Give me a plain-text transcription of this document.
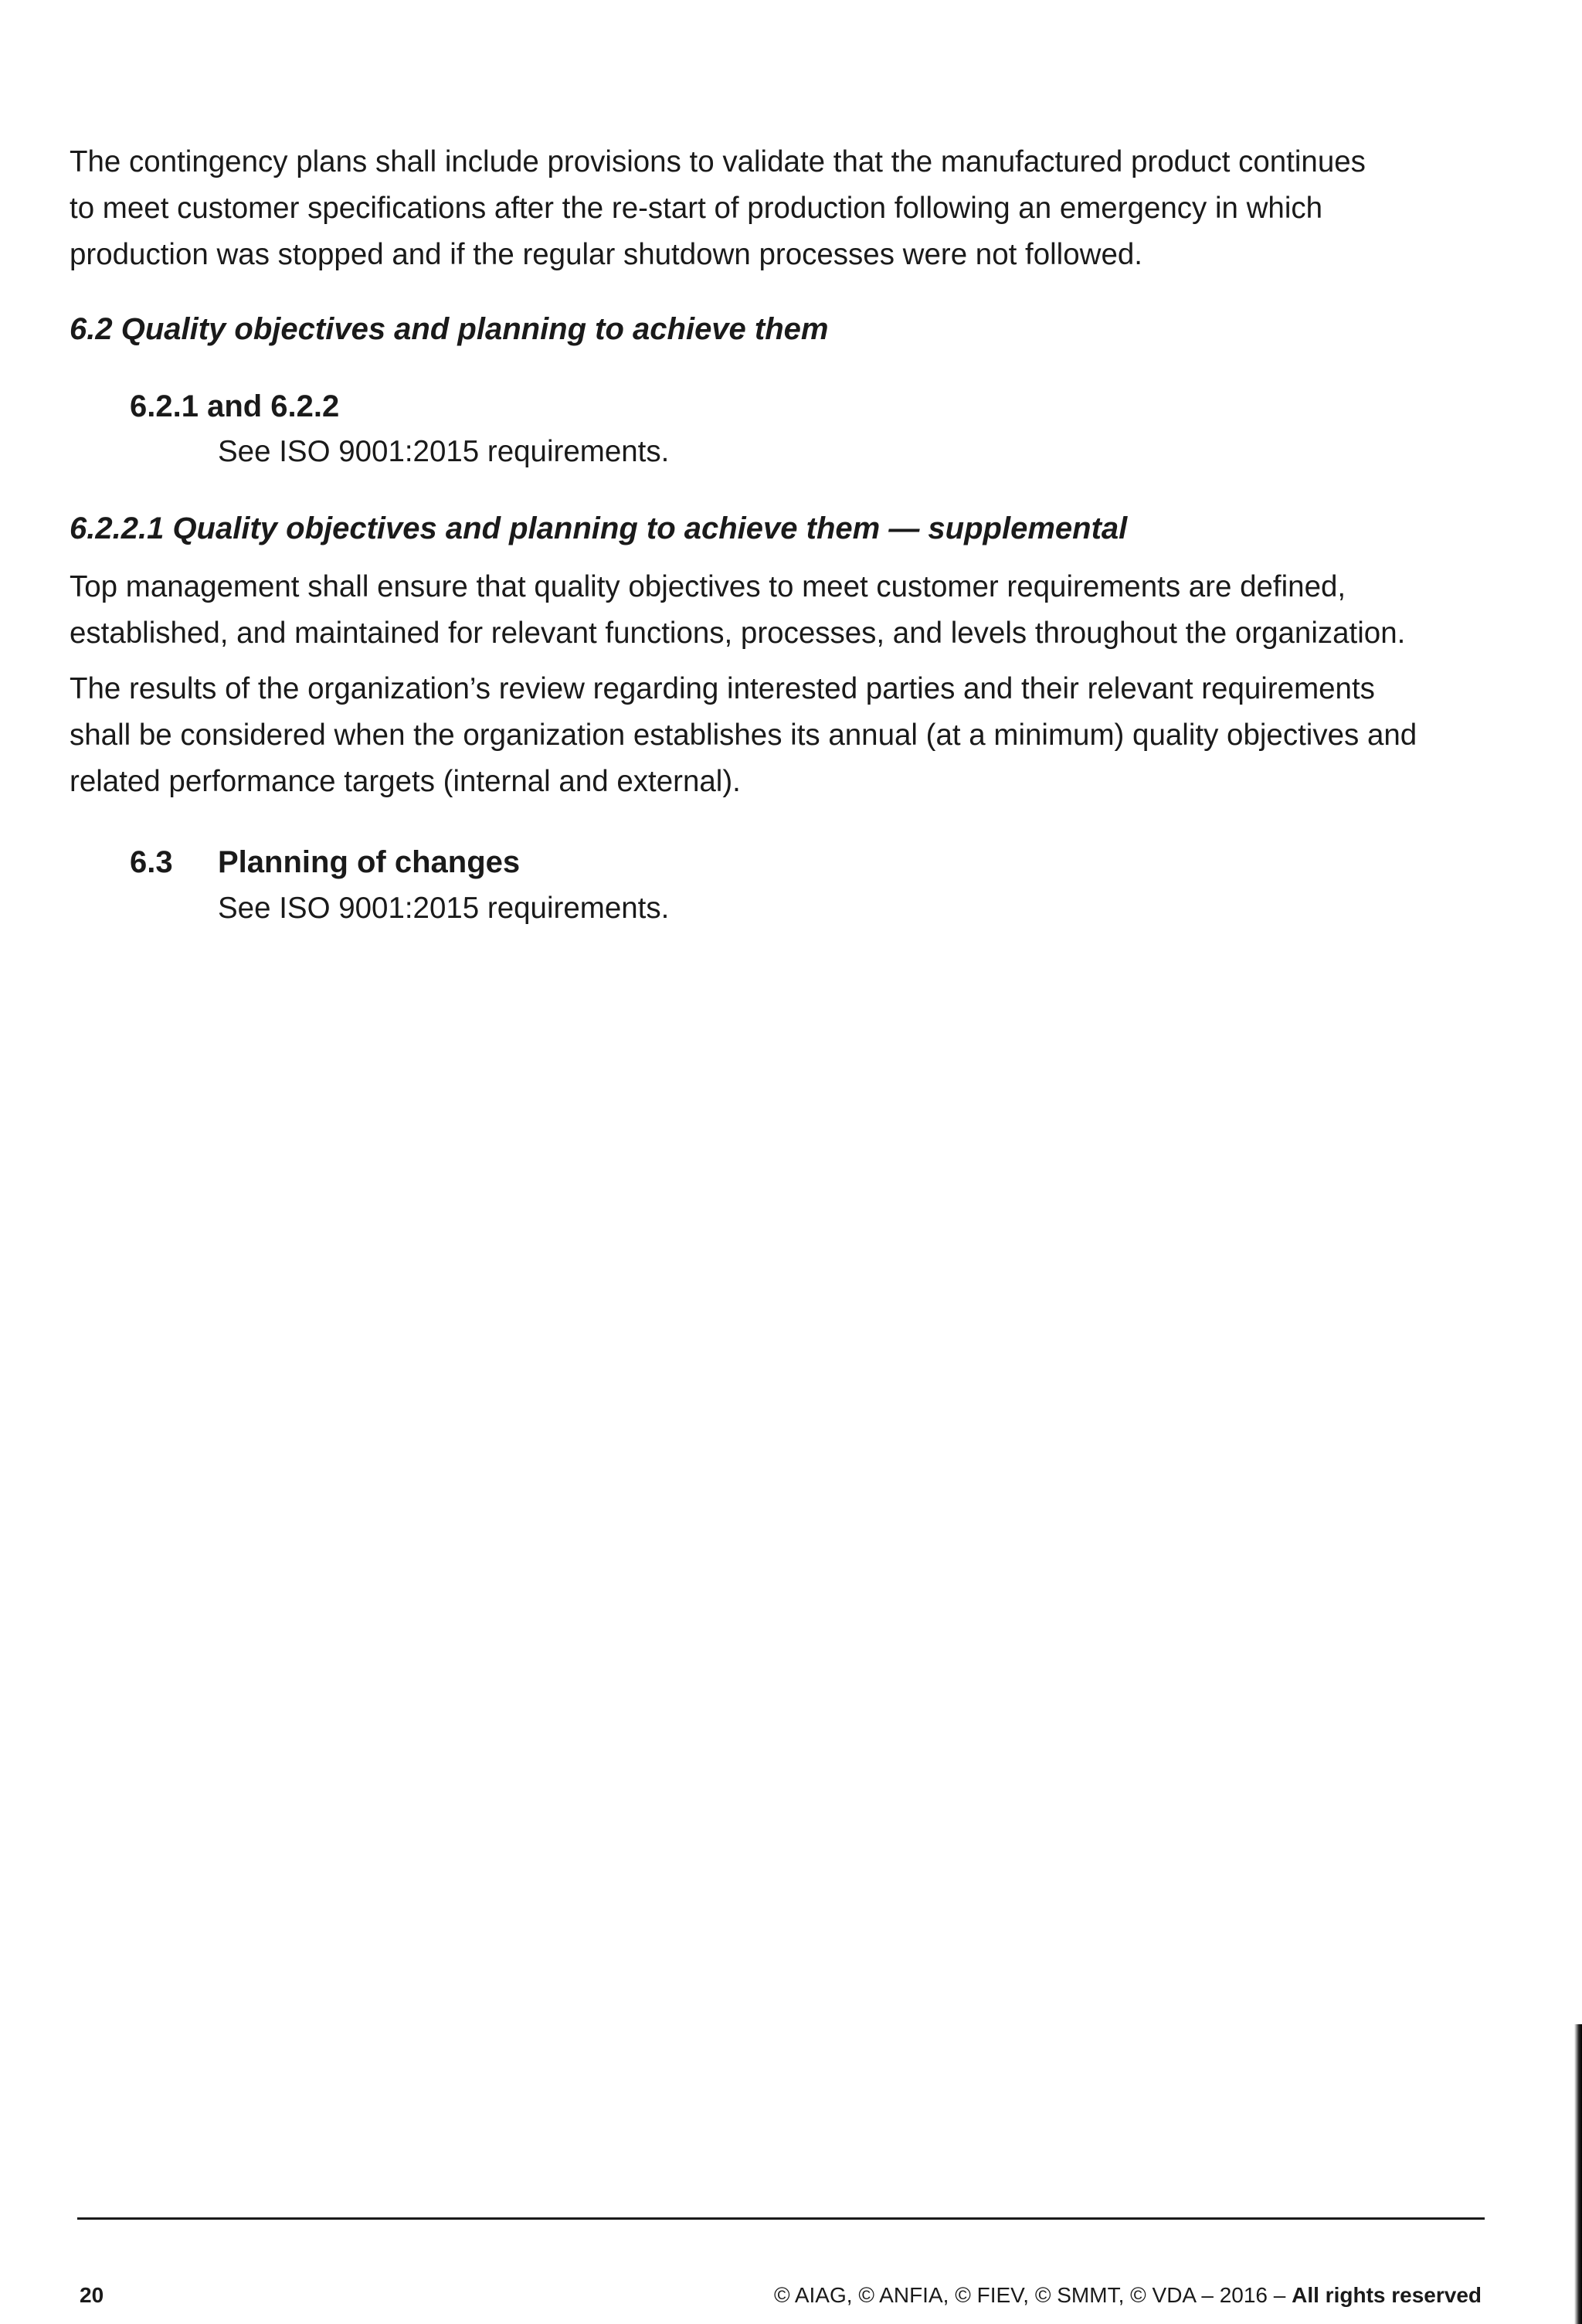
The contingency plans shall include provisions to validate that the manufactured product continues
to meet customer specifications after the re-start of production following an emergency in which
production was stopped and if the regular shutdown processes were not followed.
6.2 Quality objectives and planning to achieve them
6.2.1 and 6.2.2
See ISO 9001:2015 requirements.
6.2.2.1 Quality objectives and planning to achieve them — supplemental
Top management shall ensure that quality objectives to meet customer requirements are defined,
established, and maintained for relevant functions, processes, and levels throughout the organization.
The results of the organization’s review regarding interested parties and their relevant requirements
shall be considered when the organization establishes its annual (at a minimum) quality objectives and
related performance targets (internal and external).
6.3 Planning of changes
See ISO 9001:2015 requirements.
20	© AIAG, © ANFIA, © FIEV, © SMMT, © VDA – 2016 – All rights reserved
